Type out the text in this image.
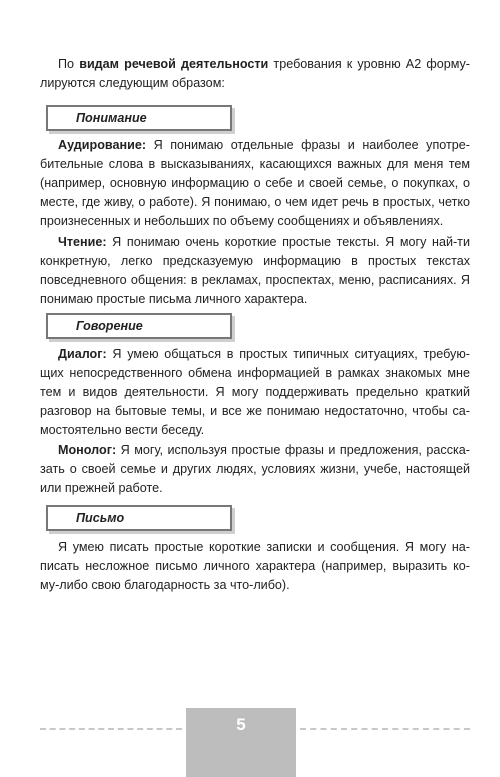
По видам речевой деятельности требования к уровню А2 форму-лируются следующим образом:

Понимание

Аудирование: Я понимаю отдельные фразы и наиболее употре-бительные слова в высказываниях, касающихся важных для меня тем (например, основную информацию о себе и своей семье, о покупках, о месте, где живу, о работе). Я понимаю, о чем идет речь в простых, четко произнесенных и небольших по объему сообщениях и объявлениях.

Чтение: Я понимаю очень короткие простые тексты. Я могу най-ти конкретную, легко предсказуемую информацию в простых текстах повседневного общения: в рекламах, проспектах, меню, расписаниях. Я понимаю простые письма личного характера.

Говорение

Диалог: Я умею общаться в простых типичных ситуациях, требую-щих непосредственного обмена информацией в рамках знакомых мне тем и видов деятельности. Я могу поддерживать предельно краткий разговор на бытовые темы, и все же понимаю недостаточно, чтобы са-мостоятельно вести беседу.

Монолог: Я могу, используя простые фразы и предложения, расска-зать о своей семье и других людях, условиях жизни, учебе, настоящей или прежней работе.

Письмо

Я умею писать простые короткие записки и сообщения. Я могу на-писать несложное письмо личного характера (например, выразить ко-му-либо свою благодарность за что-либо).

5
